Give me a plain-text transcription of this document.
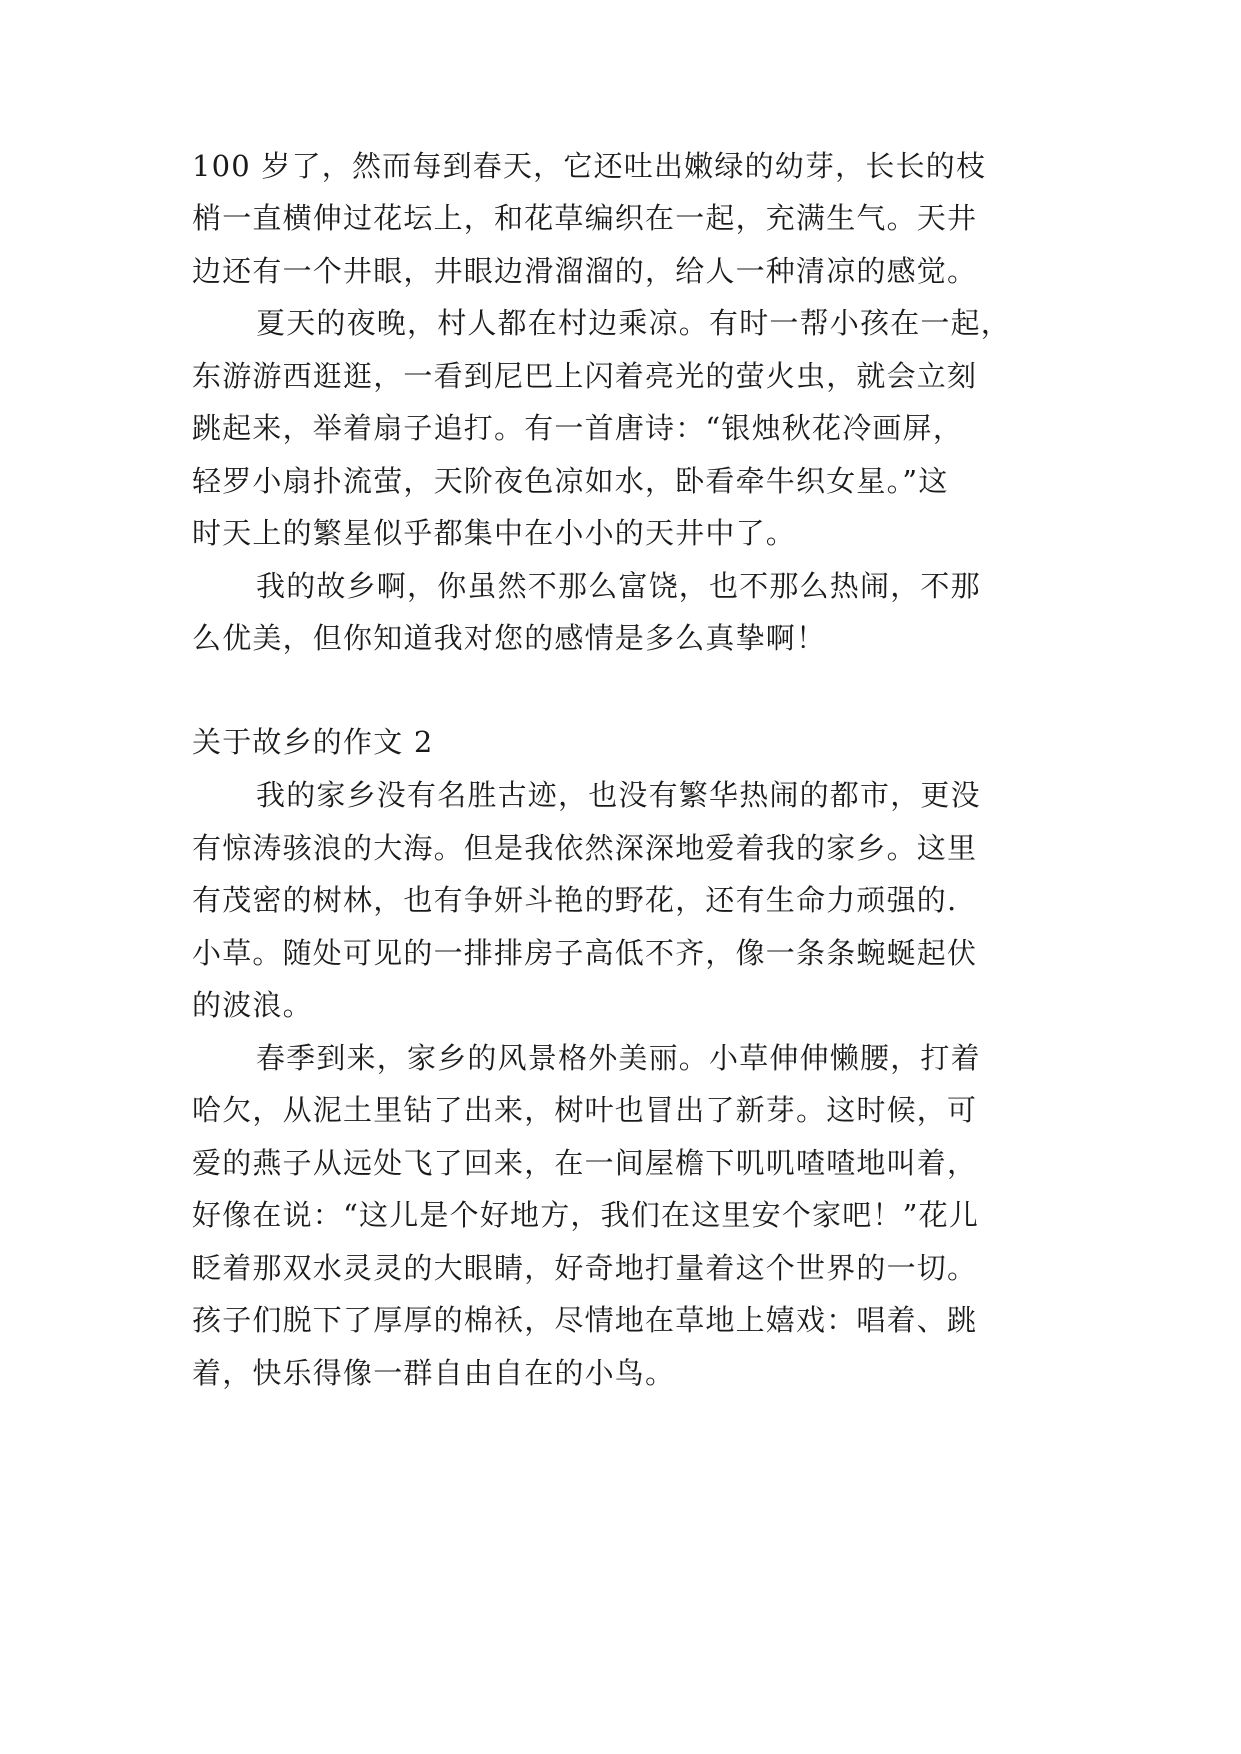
100 岁了，然而每到春天，它还吐出嫩绿的幼芽，长长的枝
梢一直横伸过花坛上，和花草编织在一起，充满生气。天井
边还有一个井眼，井眼边滑溜溜的，给人一种清凉的感觉。
夏天的夜晚，村人都在村边乘凉。有时一帮小孩在一起，
东游游西逛逛，一看到尼巴上闪着亮光的萤火虫，就会立刻
跳起来，举着扇子追打。有一首唐诗：“银烛秋花冷画屏，
轻罗小扇扑流萤，天阶夜色凉如水，卧看牵牛织女星。”这
时天上的繁星似乎都集中在小小的天井中了。
我的故乡啊，你虽然不那么富饶，也不那么热闹，不那
么优美，但你知道我对您的感情是多么真挚啊！
关于故乡的作文 2
我的家乡没有名胜古迹，也没有繁华热闹的都市，更没
有惊涛骇浪的大海。但是我依然深深地爱着我的家乡。这里
有茂密的树林，也有争妍斗艳的野花，还有生命力顽强的.
小草。随处可见的一排排房子高低不齐，像一条条蜿蜒起伏
的波浪。
春季到来，家乡的风景格外美丽。小草伸伸懒腰，打着
哈欠，从泥土里钻了出来，树叶也冒出了新芽。这时候，可
爱的燕子从远处飞了回来，在一间屋檐下叽叽喳喳地叫着，
好像在说：“这儿是个好地方，我们在这里安个家吧！”花儿
眨着那双水灵灵的大眼睛，好奇地打量着这个世界的一切。
孩子们脱下了厚厚的棉袄，尽情地在草地上嬉戏：唱着、跳
着，快乐得像一群自由自在的小鸟。
